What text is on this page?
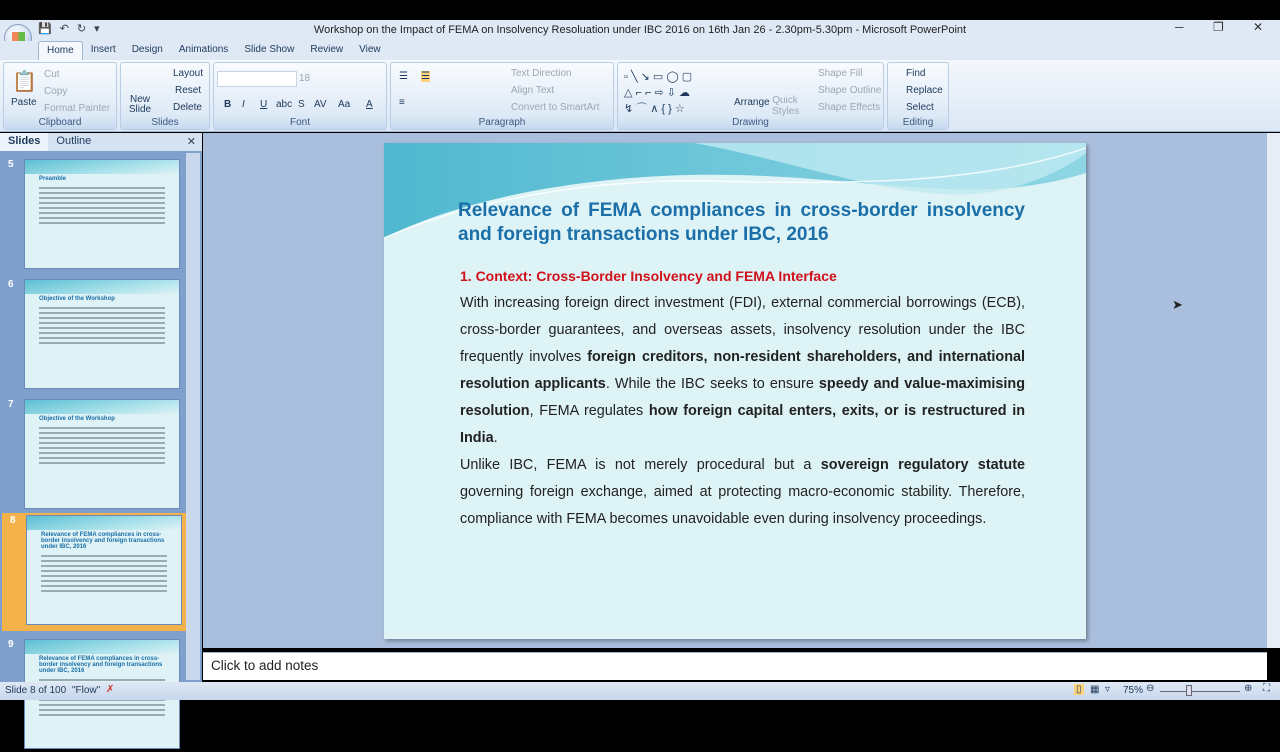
Workshop on the Impact of FEMA on Insolvency Resoluation under IBC 2016 on 16th Jan 26 - 2.30pm-5.30pm - Microsoft PowerPoint
💾 ↶ ↻ ▾	─ ❐ ✕
Home	Insert	Design	Animations	Slide Show	Review	View
📋
Paste
Cut
Copy
Format Painter
Clipboard
New Slide
Layout
Reset
Delete
Slides
18
B I U abc S AV Aa A
Font
☰ ☰
≡
Text Direction
Align Text
Convert to SmartArt
Paragraph
▫ ╲ ↘ ▭ ◯ ▢
△ ⌐ ⌐ ⇨ ⇩ ☁
↯ ⌒ ∧ { } ☆
Arrange Quick Styles
Shape Fill
Shape Outline
Shape Effects
Drawing
Find
Replace
Select
Editing
Slides	Outline	✕
5
Preamble
6
Objective of the Workshop
7
Objective of the Workshop
8
Relevance of FEMA compliances in cross-border insolvency and foreign transactions under IBC, 2016
9
Relevance of FEMA compliances in cross-border insolvency and foreign transactions under IBC, 2016
Relevance of FEMA compliances in cross-border insolvency and foreign transactions under IBC, 2016
1. Context: Cross-Border Insolvency and FEMA Interface
With increasing foreign direct investment (FDI), external commercial borrowings (ECB), cross-border guarantees, and overseas assets, insolvency resolution under the IBC frequently involves foreign creditors, non-resident shareholders, and international resolution applicants. While the IBC seeks to ensure speedy and value-maximising resolution, FEMA regulates how foreign capital enters, exits, or is restructured in India.
Unlike IBC, FEMA is not merely procedural but a sovereign regulatory statute governing foreign exchange, aimed at protecting macro-economic stability. Therefore, compliance with FEMA becomes unavoidable even during insolvency proceedings.
➤
Click to add notes
Slide 8 of 100 "Flow" ✗	▯ ▦ ▿ 75% ⊖	⊕ ⛶
